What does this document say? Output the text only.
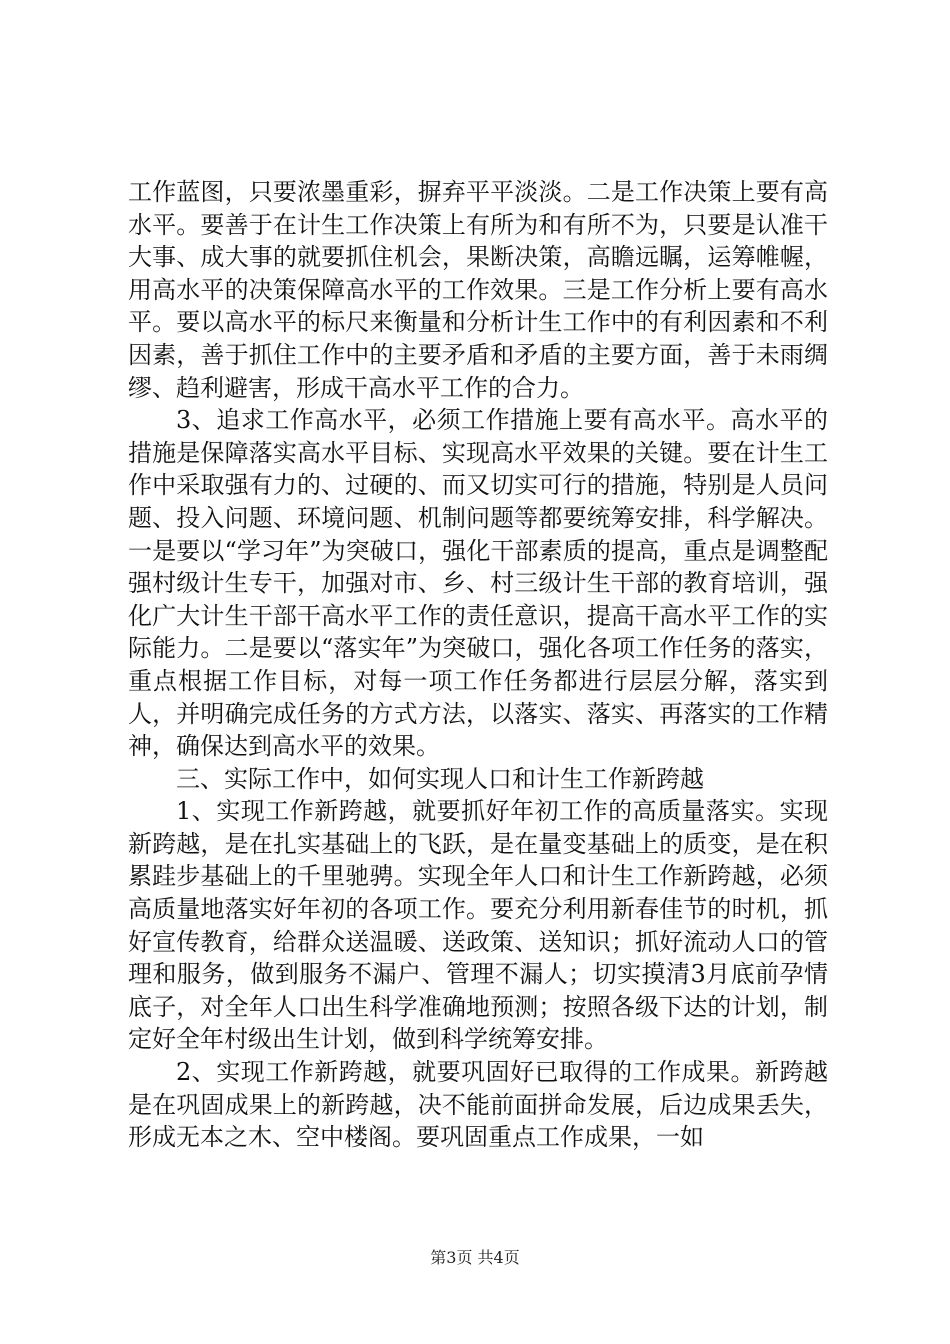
工作蓝图，只要浓墨重彩，摒弃平平淡淡。二是工作决策上要有高水平。要善于在计生工作决策上有所为和有所不为，只要是认准干大事、成大事的就要抓住机会，果断决策，高瞻远瞩，运筹帷幄，用高水平的决策保障高水平的工作效果。三是工作分析上要有高水平。要以高水平的标尺来衡量和分析计生工作中的有利因素和不利因素，善于抓住工作中的主要矛盾和矛盾的主要方面，善于未雨绸缪、趋利避害，形成干高水平工作的合力。

3、追求工作高水平，必须工作措施上要有高水平。高水平的措施是保障落实高水平目标、实现高水平效果的关键。要在计生工作中采取强有力的、过硬的、而又切实可行的措施，特别是人员问题、投入问题、环境问题、机制问题等都要统筹安排，科学解决。一是要以“学习年”为突破口，强化干部素质的提高，重点是调整配强村级计生专干，加强对市、乡、村三级计生干部的教育培训，强化广大计生干部干高水平工作的责任意识，提高干高水平工作的实际能力。二是要以“落实年”为突破口，强化各项工作任务的落实，重点根据工作目标，对每一项工作任务都进行层层分解，落实到人，并明确完成任务的方式方法，以落实、落实、再落实的工作精神，确保达到高水平的效果。

三、实际工作中，如何实现人口和计生工作新跨越

1、实现工作新跨越，就要抓好年初工作的高质量落实。实现新跨越，是在扎实基础上的飞跃，是在量变基础上的质变，是在积累跬步基础上的千里驰骋。实现全年人口和计生工作新跨越，必须高质量地落实好年初的各项工作。要充分利用新春佳节的时机，抓好宣传教育，给群众送温暖、送政策、送知识；抓好流动人口的管理和服务，做到服务不漏户、管理不漏人；切实摸清3月底前孕情底子，对全年人口出生科学准确地预测；按照各级下达的计划，制定好全年村级出生计划，做到科学统筹安排。

2、实现工作新跨越，就要巩固好已取得的工作成果。新跨越是在巩固成果上的新跨越，决不能前面拼命发展，后边成果丢失，形成无本之木、空中楼阁。要巩固重点工作成果，一如

第3页 共4页
